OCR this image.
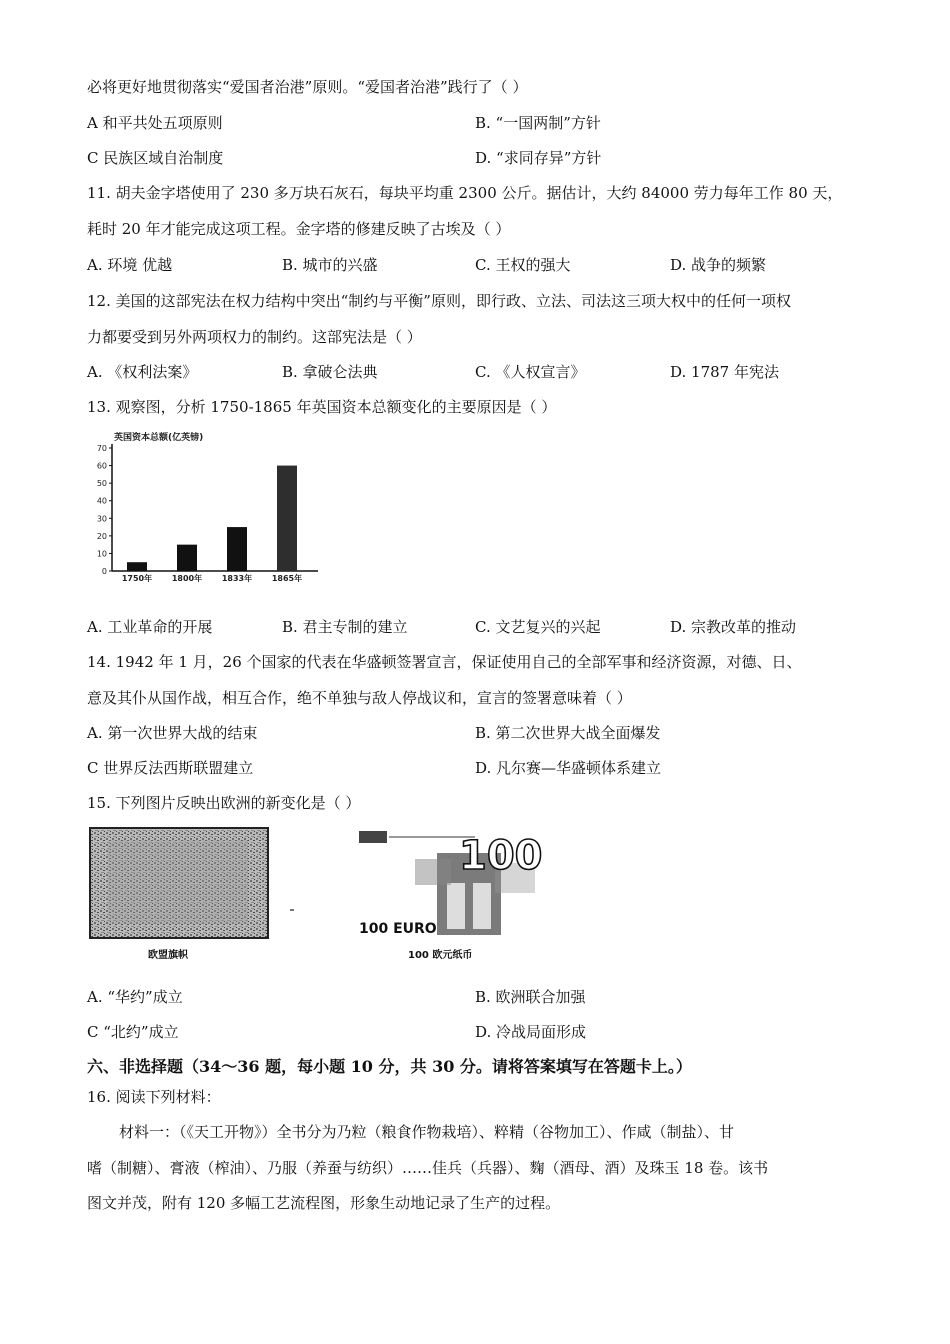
必将更好地贯彻落实“爱国者治港”原则。“爱国者治港”践行了（ ）
A 和平共处五项原则	B. “一国两制”方针
C 民族区域自治制度	D. “求同存异”方针
11. 胡夫金字塔使用了 230 多万块石灰石，每块平均重 2300 公斤。据估计，大约 84000 劳力每年工作 80 天，
耗时 20 年才能完成这项工程。金字塔的修建反映了古埃及（ ）
A. 环境 优越	B. 城市的兴盛	C. 王权的强大	D. 战争的频繁
12. 美国的这部宪法在权力结构中突出“制约与平衡”原则，即行政、立法、司法这三项大权中的任何一项权
力都要受到另外两项权力的制约。这部宪法是（ ）
A. 《权利法案》	B. 拿破仑法典	C. 《人权宣言》	D. 1787 年宪法
13. 观察图，分析 1750-1865 年英国资本总额变化的主要原因是（ ）
英国资本总额(亿英镑)
0
10
20
30
40
50
60
70
1750年 1800年 1833年 1865年
A. 工业革命的开展	B. 君主专制的建立	C. 文艺复兴的兴起	D. 宗教改革的推动
14. 1942 年 1 月，26 个国家的代表在华盛顿签署宣言，保证使用自己的全部军事和经济资源，对德、日、
意及其仆从国作战，相互合作，绝不单独与敌人停战议和，宣言的签署意味着（ ）
A. 第一次世界大战的结束	B. 第二次世界大战全面爆发
C 世界反法西斯联盟建立	D. 凡尔赛—华盛顿体系建立
15. 下列图片反映出欧洲的新变化是（ ）
欧盟旗帜
100
100 EURO
100 欧元纸币
A. “华约”成立	B. 欧洲联合加强
C “北约”成立	D. 冷战局面形成
六、非选择题（34～36 题，每小题 10 分，共 30 分。请将答案填写在答题卡上。）
16. 阅读下列材料：
材料一：（《天工开物》）全书分为乃粒（粮食作物栽培）、粹精（谷物加工）、作咸（制盐）、甘
嗜（制糖）、膏液（榨油）、乃服（养蚕与纺织）……佳兵（兵器）、麴（酒母、酒）及珠玉 18 卷。该书
图文并茂，附有 120 多幅工艺流程图，形象生动地记录了生产的过程。
